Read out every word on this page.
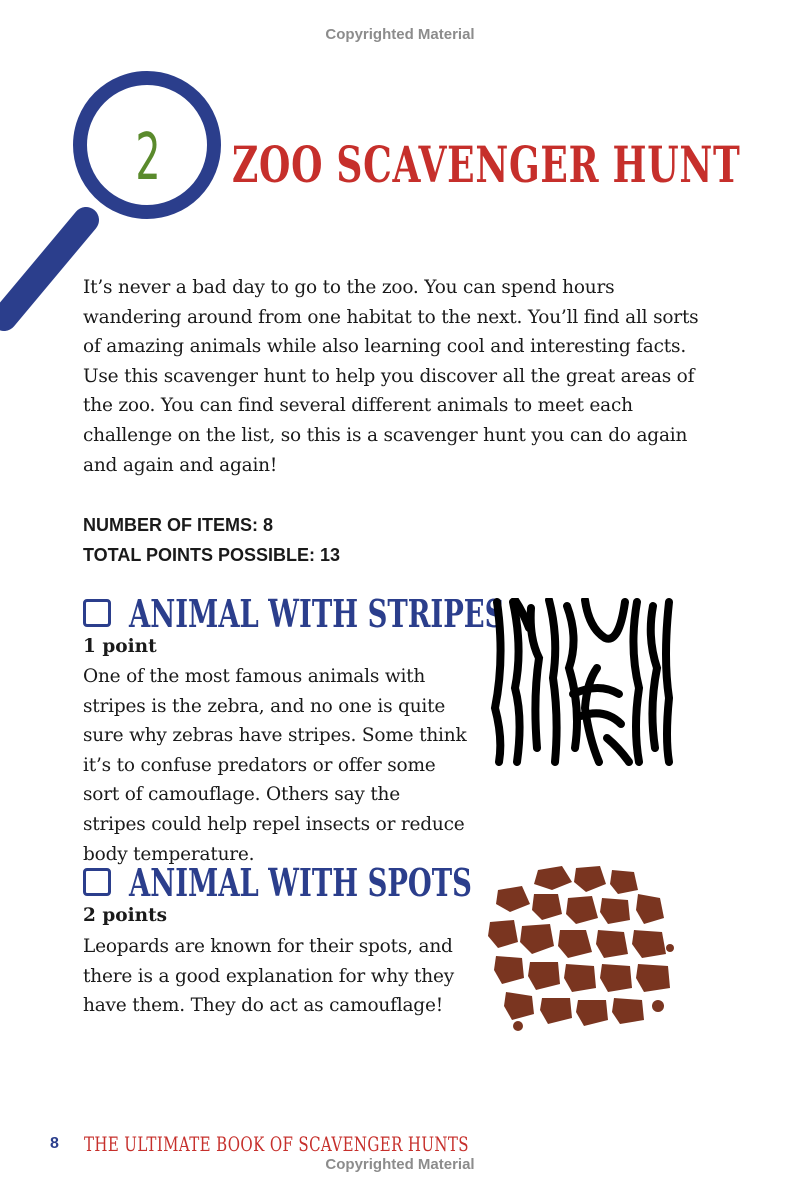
Copyrighted Material
2 ZOO SCAVENGER HUNT
It’s never a bad day to go to the zoo. You can spend hours wandering around from one habitat to the next. You’ll find all sorts of amazing animals while also learning cool and interesting facts. Use this scavenger hunt to help you discover all the great areas of the zoo. You can find several different animals to meet each challenge on the list, so this is a scavenger hunt you can do again and again and again!
NUMBER OF ITEMS: 8
TOTAL POINTS POSSIBLE: 13
ANIMAL WITH STRIPES
1 point
One of the most famous animals with stripes is the zebra, and no one is quite sure why zebras have stripes. Some think it’s to confuse predators or offer some sort of camouflage. Others say the stripes could help repel insects or reduce body temperature.
ANIMAL WITH SPOTS
2 points
Leopards are known for their spots, and there is a good explanation for why they have them. They do act as camouflage!
8 THE ULTIMATE BOOK OF SCAVENGER HUNTS
Copyrighted Material
